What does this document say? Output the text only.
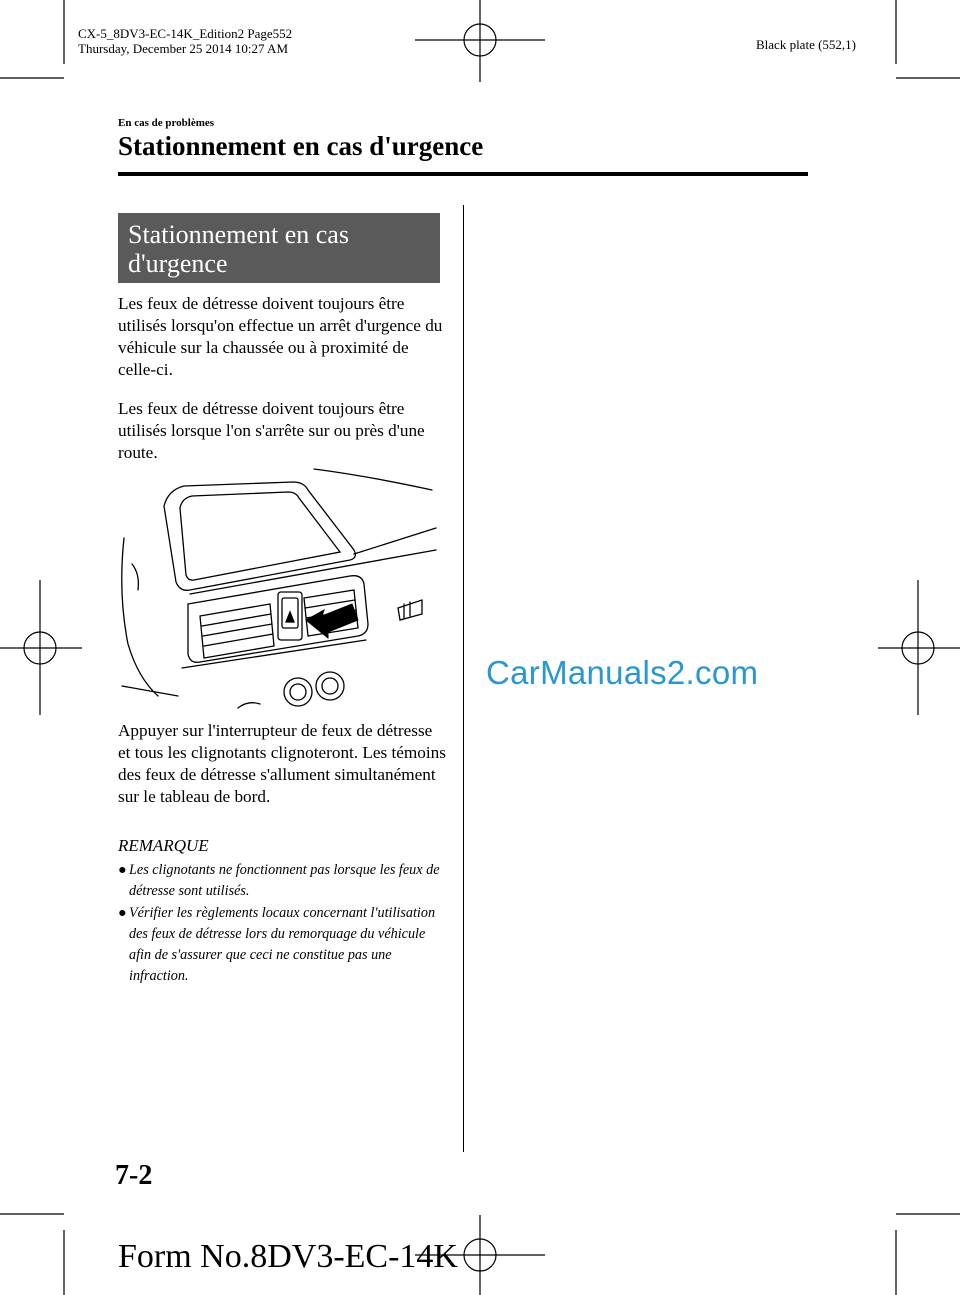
CX-5_8DV3-EC-14K_Edition2 Page552
Thursday, December 25 2014 10:27 AM	Black plate (552,1)
En cas de problèmes
Stationnement en cas d'urgence
Stationnement en cas
d'urgence
Les feux de détresse doivent toujours être utilisés lorsqu'on effectue un arrêt d'urgence du véhicule sur la chaussée ou à proximité de celle-ci.
Les feux de détresse doivent toujours être utilisés lorsque l'on s'arrête sur ou près d'une route.
Appuyer sur l'interrupteur de feux de détresse et tous les clignotants clignoteront. Les témoins des feux de détresse s'allument simultanément sur le tableau de bord.
REMARQUE
● Les clignotants ne fonctionnent pas lorsque les feux de détresse sont utilisés.
● Vérifier les règlements locaux concernant l'utilisation des feux de détresse lors du remorquage du véhicule afin de s'assurer que ceci ne constitue pas une infraction.
CarManuals2.com
7-2
Form No.8DV3-EC-14K
